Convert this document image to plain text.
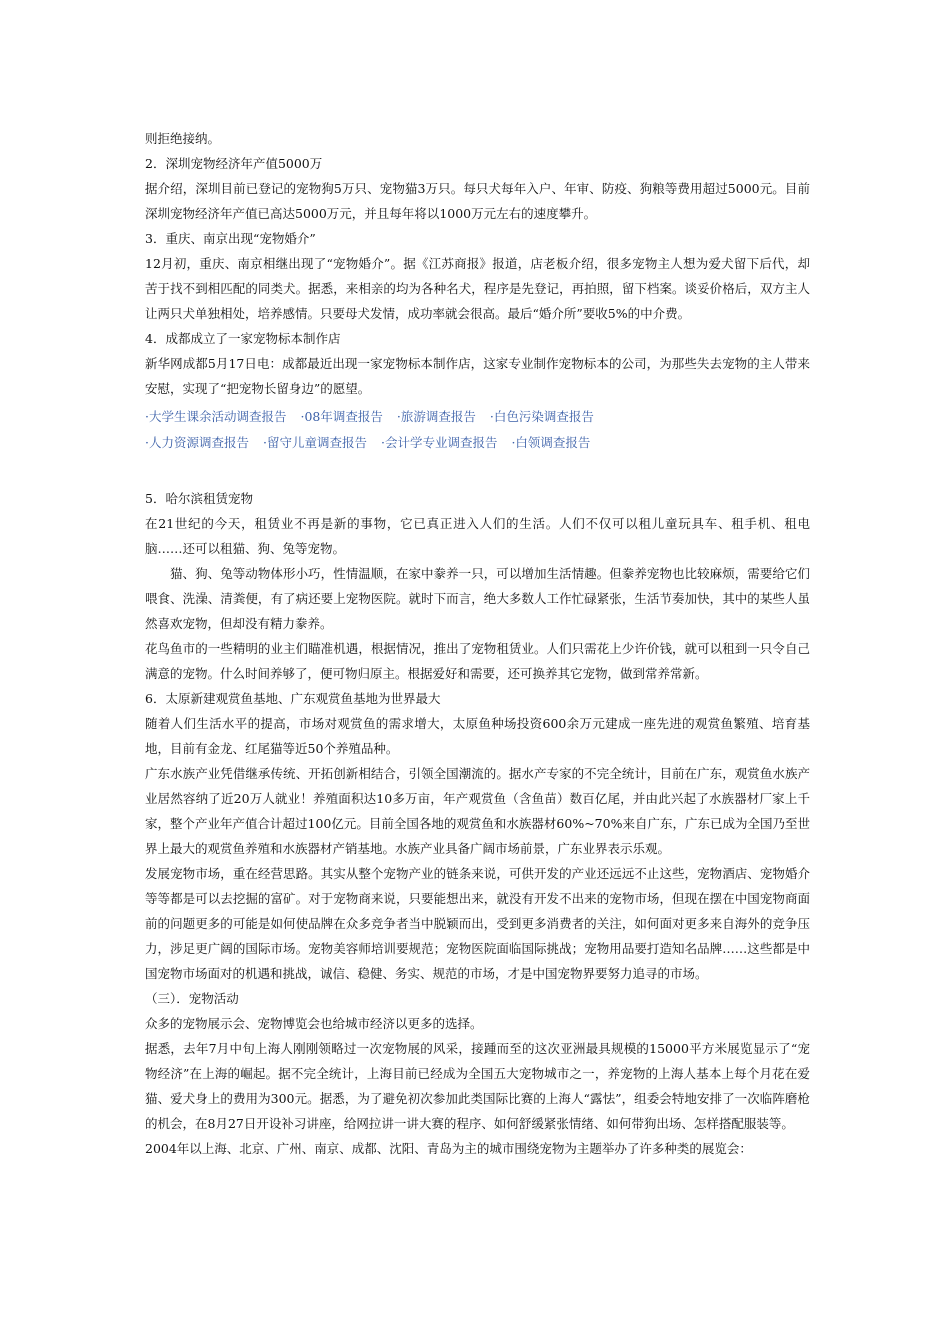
则拒绝接纳。

2．深圳宠物经济年产值5000万

据介绍，深圳目前已登记的宠物狗5万只、宠物猫3万只。每只犬每年入户、年审、防疫、狗粮等费用超过5000元。目前深圳宠物经济年产值已高达5000万元，并且每年将以1000万元左右的速度攀升。

3．重庆、南京出现“宠物婚介”

12月初，重庆、南京相继出现了“宠物婚介”。据《江苏商报》报道，店老板介绍，很多宠物主人想为爱犬留下后代，却苦于找不到相匹配的同类犬。据悉，来相亲的均为各种名犬，程序是先登记，再拍照，留下档案。谈妥价格后，双方主人让两只犬单独相处，培养感情。只要母犬发情，成功率就会很高。最后“婚介所”要收5%的中介费。

4．成都成立了一家宠物标本制作店

新华网成都5月17日电：成都最近出现一家宠物标本制作店，这家专业制作宠物标本的公司，为那些失去宠物的主人带来安慰，实现了“把宠物长留身边”的愿望。

·大学生课余活动调查报告 ·08年调查报告 ·旅游调查报告 ·白色污染调查报告
·人力资源调查报告 ·留守儿童调查报告 ·会计学专业调查报告 ·白领调查报告

5．哈尔滨租赁宠物

在21世纪的今天，租赁业不再是新的事物，它已真正进入人们的生活。人们不仅可以租儿童玩具车、租手机、租电脑……还可以租猫、狗、兔等宠物。

猫、狗、兔等动物体形小巧，性情温顺，在家中豢养一只，可以增加生活情趣。但豢养宠物也比较麻烦，需要给它们喂食、洗澡、清粪便，有了病还要上宠物医院。就时下而言，绝大多数人工作忙碌紧张，生活节奏加快，其中的某些人虽然喜欢宠物，但却没有精力豢养。

花鸟鱼市的一些精明的业主们瞄准机遇，根据情况，推出了宠物租赁业。人们只需花上少许价钱，就可以租到一只令自己满意的宠物。什么时间养够了，便可物归原主。根据爱好和需要，还可换养其它宠物，做到常养常新。

6．太原新建观赏鱼基地、广东观赏鱼基地为世界最大

随着人们生活水平的提高，市场对观赏鱼的需求增大，太原鱼种场投资600余万元建成一座先进的观赏鱼繁殖、培育基地，目前有金龙、红尾猫等近50个养殖品种。

广东水族产业凭借继承传统、开拓创新相结合，引领全国潮流的。据水产专家的不完全统计，目前在广东，观赏鱼水族产业居然容纳了近20万人就业！养殖面积达10多万亩，年产观赏鱼（含鱼苗）数百亿尾，并由此兴起了水族器材厂家上千家，整个产业年产值合计超过100亿元。目前全国各地的观赏鱼和水族器材60%~70%来自广东，广东已成为全国乃至世界上最大的观赏鱼养殖和水族器材产销基地。水族产业具备广阔市场前景，广东业界表示乐观。

发展宠物市场，重在经营思路。其实从整个宠物产业的链条来说，可供开发的产业还远远不止这些，宠物酒店、宠物婚介等等都是可以去挖掘的富矿。对于宠物商来说，只要能想出来，就没有开发不出来的宠物市场，但现在摆在中国宠物商面前的问题更多的可能是如何使品牌在众多竞争者当中脱颖而出，受到更多消费者的关注，如何面对更多来自海外的竞争压力，涉足更广阔的国际市场。宠物美容师培训要规范；宠物医院面临国际挑战；宠物用品要打造知名品牌……这些都是中国宠物市场面对的机遇和挑战，诚信、稳健、务实、规范的市场，才是中国宠物界要努力追寻的市场。

（三）．宠物活动

众多的宠物展示会、宠物博览会也给城市经济以更多的选择。

据悉，去年7月中旬上海人刚刚领略过一次宠物展的风采，接踵而至的这次亚洲最具规模的15000平方米展览显示了“宠物经济”在上海的崛起。据不完全统计，上海目前已经成为全国五大宠物城市之一，养宠物的上海人基本上每个月花在爱猫、爱犬身上的费用为300元。据悉，为了避免初次参加此类国际比赛的上海人“露怯”，组委会特地安排了一次临阵磨枪的机会，在8月27日开设补习讲座，给网拉讲一讲大赛的程序、如何舒缓紧张情绪、如何带狗出场、怎样搭配服装等。

2004年以上海、北京、广州、南京、成都、沈阳、青岛为主的城市围绕宠物为主题举办了许多种类的展览会：
